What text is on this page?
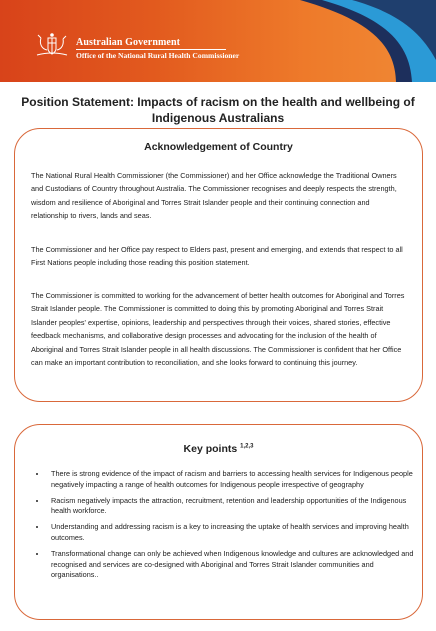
Australian Government
Office of the National Rural Health Commissioner
Position Statement: Impacts of racism on the health and wellbeing of Indigenous Australians
Acknowledgement of Country
The National Rural Health Commissioner (the Commissioner) and her Office acknowledge the Traditional Owners and Custodians of Country throughout Australia. The Commissioner recognises and deeply respects the strength, wisdom and resilience of Aboriginal and Torres Strait Islander people and their continuing connection and relationship to rivers, lands and seas.
The Commissioner and her Office pay respect to Elders past, present and emerging, and extends that respect to all First Nations people including those reading this position statement.
The Commissioner is committed to working for the advancement of better health outcomes for Aboriginal and Torres Strait Islander people. The Commissioner is committed to doing this by promoting Aboriginal and Torres Strait Islander peoples' expertise, opinions, leadership and perspectives through their voices, shared stories, effective feedback mechanisms, and collaborative design processes and advocating for the inclusion of the health of Aboriginal and Torres Strait Islander people in all health discussions. The Commissioner is confident that her Office can make an important contribution to reconciliation, and she looks forward to continuing this journey.
Key points $^{1,2,3}$
• There is strong evidence of the impact of racism and barriers to accessing health services for Indigenous people negatively impacting a range of health outcomes for Indigenous people irrespective of geography
• Racism negatively impacts the attraction, recruitment, retention and leadership opportunities of the Indigenous health workforce.
• Understanding and addressing racism is a key to increasing the uptake of health services and improving health outcomes.
• Transformational change can only be achieved when Indigenous knowledge and cultures are acknowledged and recognised and services are co-designed with Aboriginal and Torres Strait Islander communities and organisations..
